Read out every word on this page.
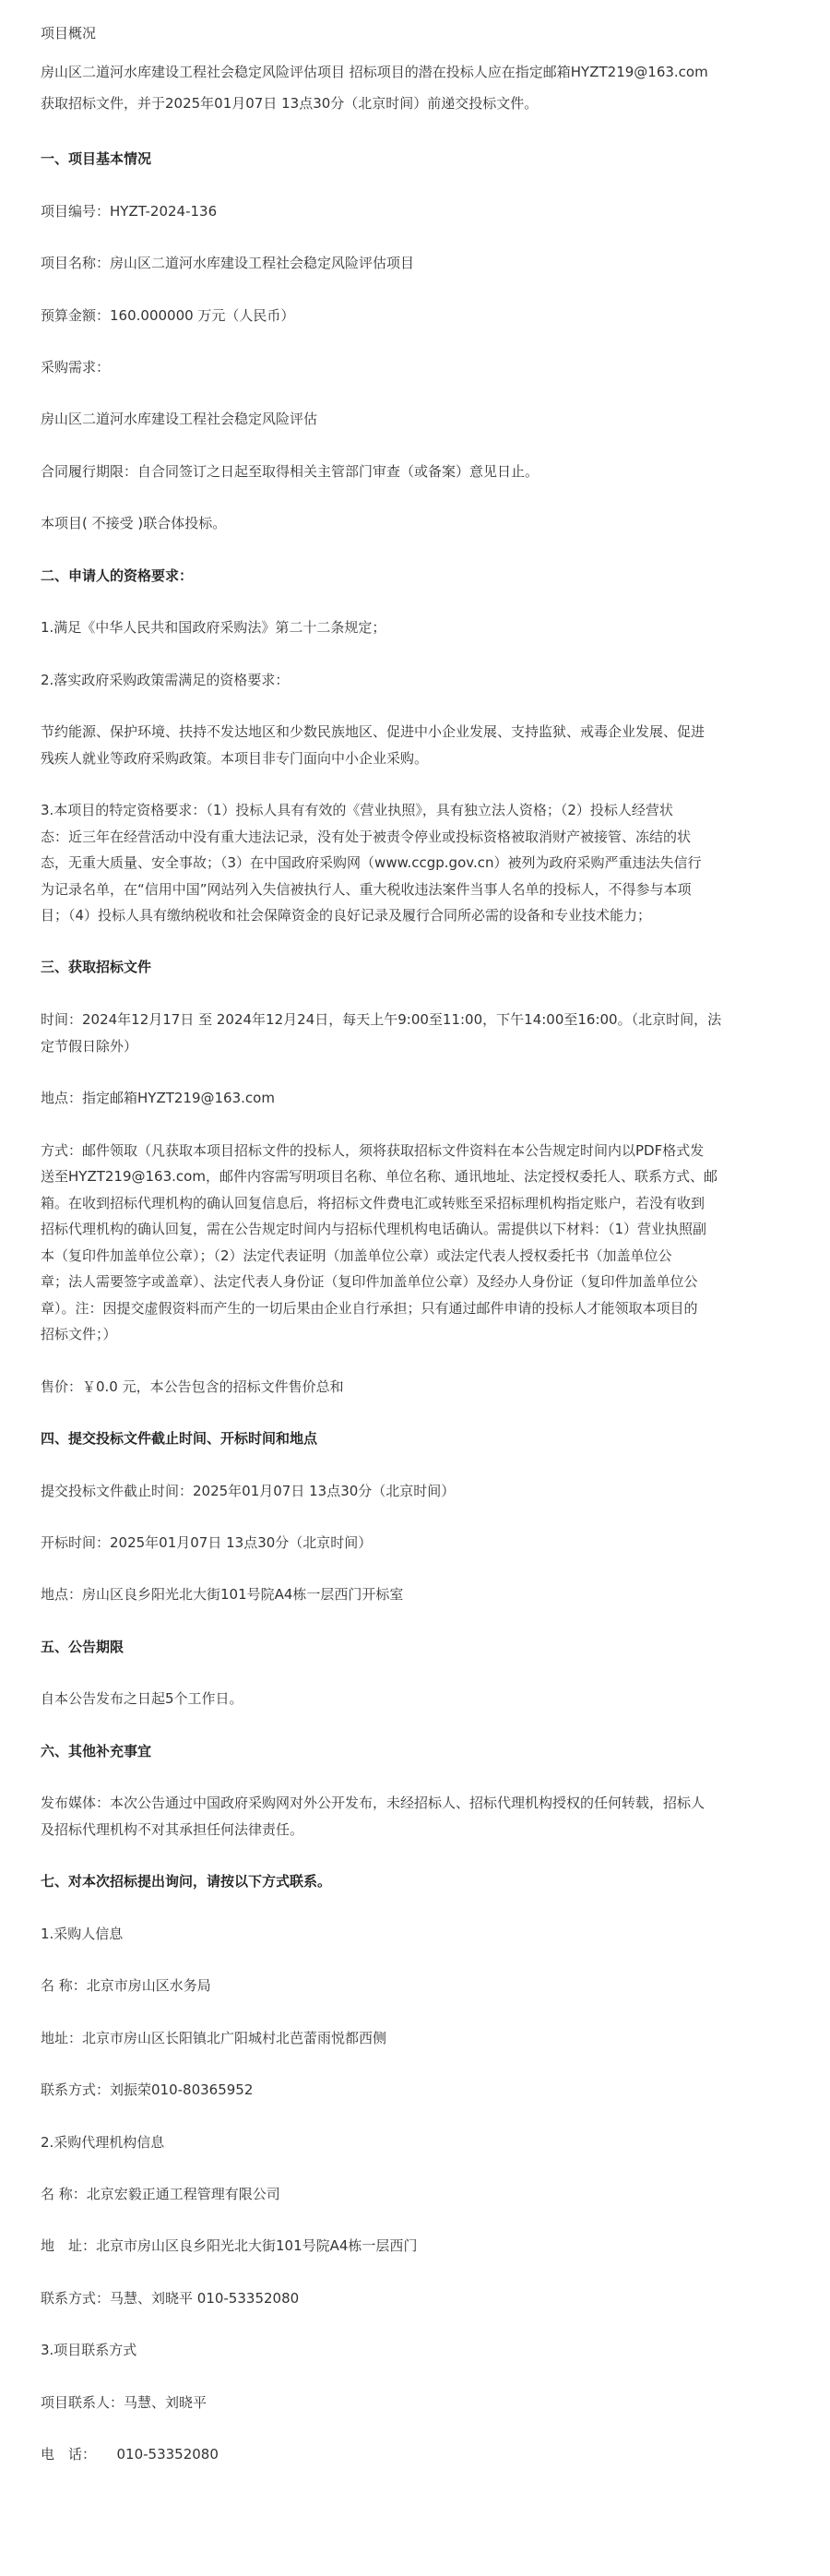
项目概况

房山区二道河水库建设工程社会稳定风险评估项目 招标项目的潜在投标人应在指定邮箱HYZT219@163.com

获取招标文件，并于2025年01月07日 13点30分（北京时间）前递交投标文件。

一、项目基本情况

项目编号：HYZT-2024-136

项目名称：房山区二道河水库建设工程社会稳定风险评估项目

预算金额：160.000000 万元（人民币）

采购需求：

房山区二道河水库建设工程社会稳定风险评估

合同履行期限：自合同签订之日起至取得相关主管部门审查（或备案）意见日止。

本项目( 不接受 )联合体投标。

二、申请人的资格要求：

1.满足《中华人民共和国政府采购法》第二十二条规定；

2.落实政府采购政策需满足的资格要求：

节约能源、保护环境、扶持不发达地区和少数民族地区、促进中小企业发展、支持监狱、戒毒企业发展、促进

残疾人就业等政府采购政策。本项目非专门面向中小企业采购。

3.本项目的特定资格要求：（1）投标人具有有效的《营业执照》，具有独立法人资格；（2）投标人经营状

态：近三年在经营活动中没有重大违法记录，没有处于被责令停业或投标资格被取消财产被接管、冻结的状

态，无重大质量、安全事故；（3）在中国政府采购网（www.ccgp.gov.cn）被列为政府采购严重违法失信行

为记录名单，在“信用中国”网站列入失信被执行人、重大税收违法案件当事人名单的投标人，不得参与本项

目；（4）投标人具有缴纳税收和社会保障资金的良好记录及履行合同所必需的设备和专业技术能力；

三、获取招标文件

时间：2024年12月17日 至 2024年12月24日，每天上午9:00至11:00，下午14:00至16:00。（北京时间，法

定节假日除外）

地点：指定邮箱HYZT219@163.com

方式：邮件领取（凡获取本项目招标文件的投标人，须将获取招标文件资料在本公告规定时间内以PDF格式发

送至HYZT219@163.com，邮件内容需写明项目名称、单位名称、通讯地址、法定授权委托人、联系方式、邮

箱。在收到招标代理机构的确认回复信息后，将招标文件费电汇或转账至采招标理机构指定账户，若没有收到

招标代理机构的确认回复，需在公告规定时间内与招标代理机构电话确认。需提供以下材料：（1）营业执照副

本（复印件加盖单位公章）；（2）法定代表证明（加盖单位公章）或法定代表人授权委托书（加盖单位公

章；法人需要签字或盖章）、法定代表人身份证（复印件加盖单位公章）及经办人身份证（复印件加盖单位公

章）。注：因提交虚假资料而产生的一切后果由企业自行承担；只有通过邮件申请的投标人才能领取本项目的

招标文件；）

售价：￥0.0 元，本公告包含的招标文件售价总和

四、提交投标文件截止时间、开标时间和地点

提交投标文件截止时间：2025年01月07日 13点30分（北京时间）

开标时间：2025年01月07日 13点30分（北京时间）

地点：房山区良乡阳光北大街101号院A4栋一层西门开标室

五、公告期限

自本公告发布之日起5个工作日。

六、其他补充事宜

发布媒体：本次公告通过中国政府采购网对外公开发布，未经招标人、招标代理机构授权的任何转载，招标人

及招标代理机构不对其承担任何法律责任。

七、对本次招标提出询问，请按以下方式联系。

1.采购人信息

名 称：北京市房山区水务局

地址：北京市房山区长阳镇北广阳城村北芭蕾雨悦都西侧

联系方式：刘振荣010-80365952

2.采购代理机构信息

名 称：北京宏毅正通工程管理有限公司

地　址：北京市房山区良乡阳光北大街101号院A4栋一层西门

联系方式：马慧、刘晓平 010-53352080

3.项目联系方式

项目联系人：马慧、刘晓平

电　话：　　010-53352080
